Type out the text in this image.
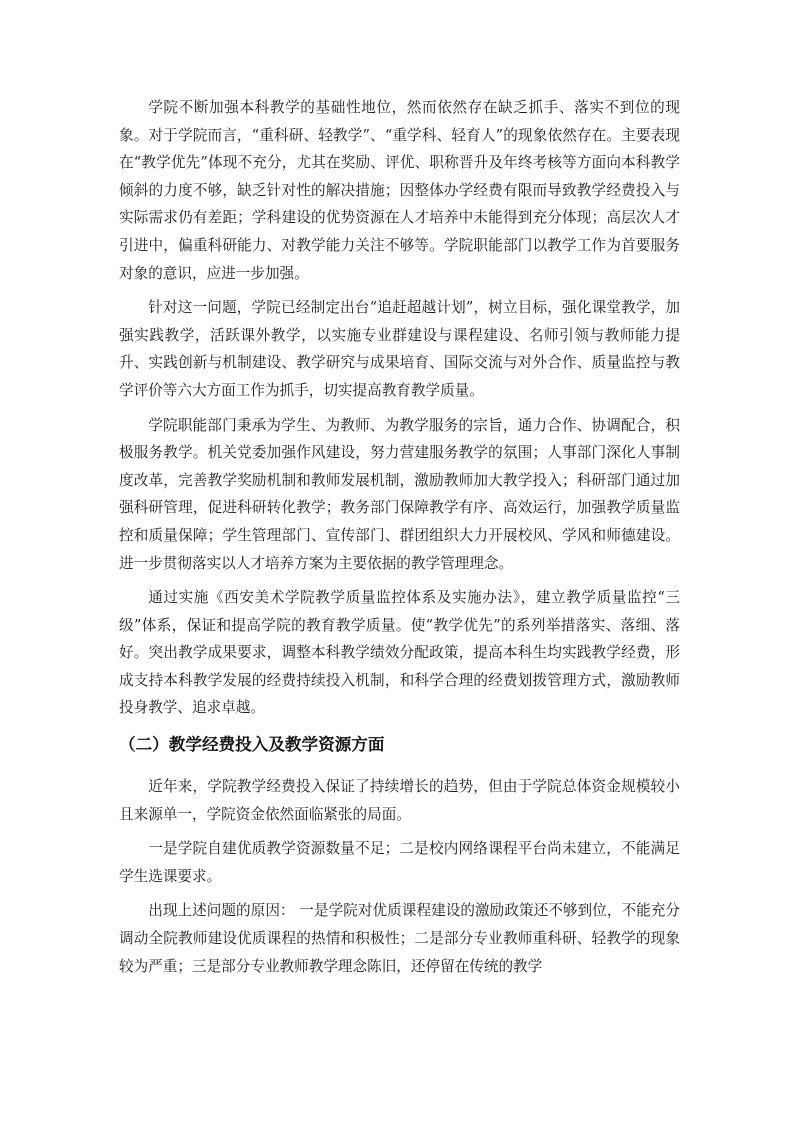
学院不断加强本科教学的基础性地位，然而依然存在缺乏抓手、落实不到位的现象。对于学院而言，“重科研、轻教学”、“重学科、轻育人”的现象依然存在。主要表现在“教学优先”体现不充分，尤其在奖励、评优、职称晋升及年终考核等方面向本科教学倾斜的力度不够，缺乏针对性的解决措施；因整体办学经费有限而导致教学经费投入与实际需求仍有差距；学科建设的优势资源在人才培养中未能得到充分体现；高层次人才引进中，偏重科研能力、对教学能力关注不够等。学院职能部门以教学工作为首要服务对象的意识，应进一步加强。

针对这一问题，学院已经制定出台“追赶超越计划”，树立目标，强化课堂教学，加强实践教学，活跃课外教学，以实施专业群建设与课程建设、名师引领与教师能力提升、实践创新与机制建设、教学研究与成果培育、国际交流与对外合作、质量监控与教学评价等六大方面工作为抓手，切实提高教育教学质量。

学院职能部门秉承为学生、为教师、为教学服务的宗旨，通力合作、协调配合，积极服务教学。机关党委加强作风建设，努力营建服务教学的氛围；人事部门深化人事制度改革，完善教学奖励机制和教师发展机制，激励教师加大教学投入；科研部门通过加强科研管理，促进科研转化教学；教务部门保障教学有序、高效运行，加强教学质量监控和质量保障；学生管理部门、宣传部门、群团组织大力开展校风、学风和师德建设。进一步贯彻落实以人才培养方案为主要依据的教学管理理念。

通过实施《西安美术学院教学质量监控体系及实施办法》，建立教学质量监控“三级”体系，保证和提高学院的教育教学质量。使“教学优先”的系列举措落实、落细、落好。突出教学成果要求，调整本科教学绩效分配政策，提高本科生均实践教学经费，形成支持本科教学发展的经费持续投入机制，和科学合理的经费划拨管理方式，激励教师投身教学、追求卓越。

（二）教学经费投入及教学资源方面

近年来，学院教学经费投入保证了持续增长的趋势，但由于学院总体资金规模较小且来源单一，学院资金依然面临紧张的局面。

一是学院自建优质教学资源数量不足；二是校内网络课程平台尚未建立，不能满足学生选课要求。

出现上述问题的原因： 一是学院对优质课程建设的激励政策还不够到位，不能充分调动全院教师建设优质课程的热情和积极性；二是部分专业教师重科研、轻教学的现象较为严重；三是部分专业教师教学理念陈旧，还停留在传统的教学
